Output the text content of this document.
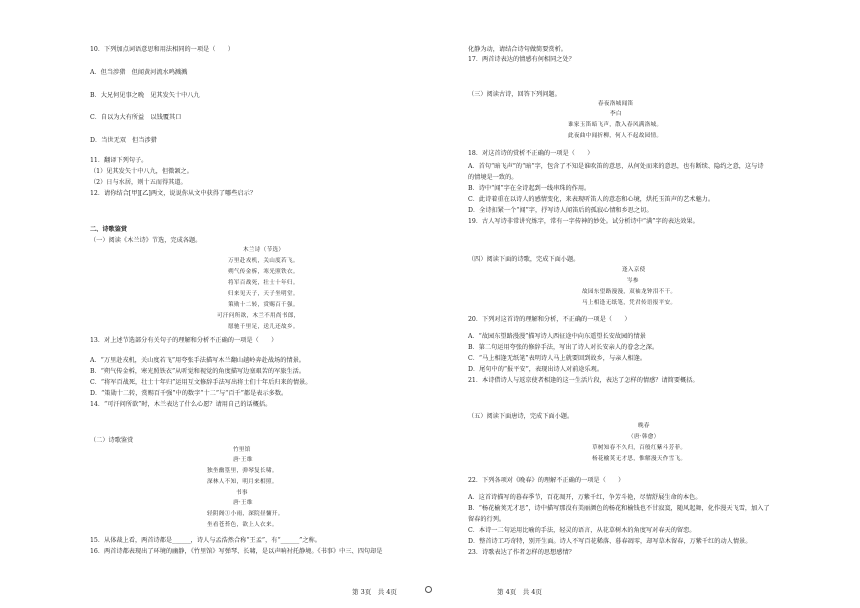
10．下列加点词语意思和用法相同的一项是（　　）
A．但当涉猎　但闻黄河流水鸣溅溅
B．大兄何见事之晚　见其发矢十中八九
C．自以为大有所益　以钱覆其口
D．当世无双　但当涉猎
11．翻译下列句子。
（1）见其发矢十中八九，但微颔之。
（2）日与水居，则十五而得其道。
12．请你结合[甲][乙]两文，说说你从文中获得了哪些启示？
二、诗歌鉴赏
（一）阅读《木兰诗》节选，完成各题。
木兰诗（节选）
万里赴戎机，关山度若飞。
朔气传金柝，寒光照铁衣。
将军百战死，壮士十年归。
归来见天子，天子坐明堂。
策勋十二转，赏赐百千强。
可汗问所欲，木兰不用尚书郎，
愿驰千里足，送儿还故乡。
13．对上述节选部分有关句子的理解和分析不正确的一项是（　　）
A．“万里赴戎机，关山度若飞”用夸张手法描写木兰翻山越岭奔赴战场的情景。
B．“朔气传金柝，寒光照铁衣”从听觉和视觉的角度描写边塞艰苦的军旅生活。
C．“将军百战死，壮士十年归”运用互文修辞手法写出将士们十年后归来的情景。
D．“策勋十二转，赏赐百千强”中的数字“十二”与“百千”都是表示多数。
14．“可汗问所欲”时，木兰表达了什么心愿？请用自己的话概括。
（二）诗歌鉴赏
竹里馆
唐·王维
独坐幽篁里，弹琴复长啸。
深林人不知，明月来相照。
书事
唐·王维
轻阴阁①小雨，深院昼慵开。
坐看苍苔色，欲上人衣来。
15．从体裁上看，两首诗都是______，诗人与孟浩然合称“王孟”，有“______”之称。
16．两首诗都表现出了环境的幽静，《竹里馆》写弹琴、长啸，是以声响衬托静境。《书事》中三、四句却是
第 3页　共 4页
化静为动，请结合诗句做简要赏析。
17．两首诗表达的情感有何相同之处？
（三）阅读古诗，回答下列问题。
春夜洛城闻笛
李白
谁家玉笛暗飞声，散入春风满洛城。
此夜曲中闻折柳，何人不起故园情。
18．对这首诗的赏析不正确的一项是（　　）
A．首句“暗飞声”的“暗”字，包含了不知是谁吹笛的意思，从何处而来的意思，也有断续、隐约之意，这与诗
的情境是一致的。
B．诗中“闻”字在全诗起到一线串珠的作用。
C．此诗着重在以诗人的感情变化，来表现听笛人的意态和心境，烘托玉笛声的艺术魅力。
D．全诗扣紧一个“闻”字，抒写诗人闻笛后的孤寂心情和乡思之切。
19．古人写诗非常讲究炼字，常有一字传神的妙处。试分析诗中“满”字的表达效果。
（四）阅读下面的诗歌，完成下面小题。
逢入京使
岑参
故园东望路漫漫，双袖龙钟泪不干。
马上相逢无纸笔，凭君传语报平安。
20．下列对这首诗的理解和分析，不正确的一项是（　　）
A．“故园东望路漫漫”描写诗人西征途中向东遥望长安故园的情景
B．第二句运用夸张的修辞手法，写出了诗人对长安亲人的眷念之深。
C．“马上相逢无纸笔”表明诗人马上就要回到故乡，与亲人相逢。
D．尾句中的“报平安”，表现出诗人对前途乐观。
21．本诗借诗人与返京使者相逢的这一生活片段，表达了怎样的情感？请简要概括。
（五）阅读下面唐诗，完成下面小题。
晚春
（唐·韩愈）
草树知春不久归，百般红紫斗芳菲。
杨花榆荚无才思，惟解漫天作雪飞。
22．下列各项对《晚春》的理解不正确的一项是（　　）
A．这首诗描写的暮春季节，百花凋开，万紫千红，争芳斗艳，尽情舒展生命的本色。
B．“杨花榆荚无才思”，诗中描写那没有美丽颜色的杨花和榆钱也不甘寂寞，随风起舞，化作漫天飞雪，加入了
留春的行列。
C．本诗一二句运用比喻的手法，轻灵的语言，从花草树木的角度写对春天的留恋。
D．整首诗工巧奇特，别开生面。诗人不写百花稀落、暮春凋零，却写草木留春，万紫千红的动人情景。
23．诗歌表达了作者怎样的思想感情？
第 4页　共 4页
